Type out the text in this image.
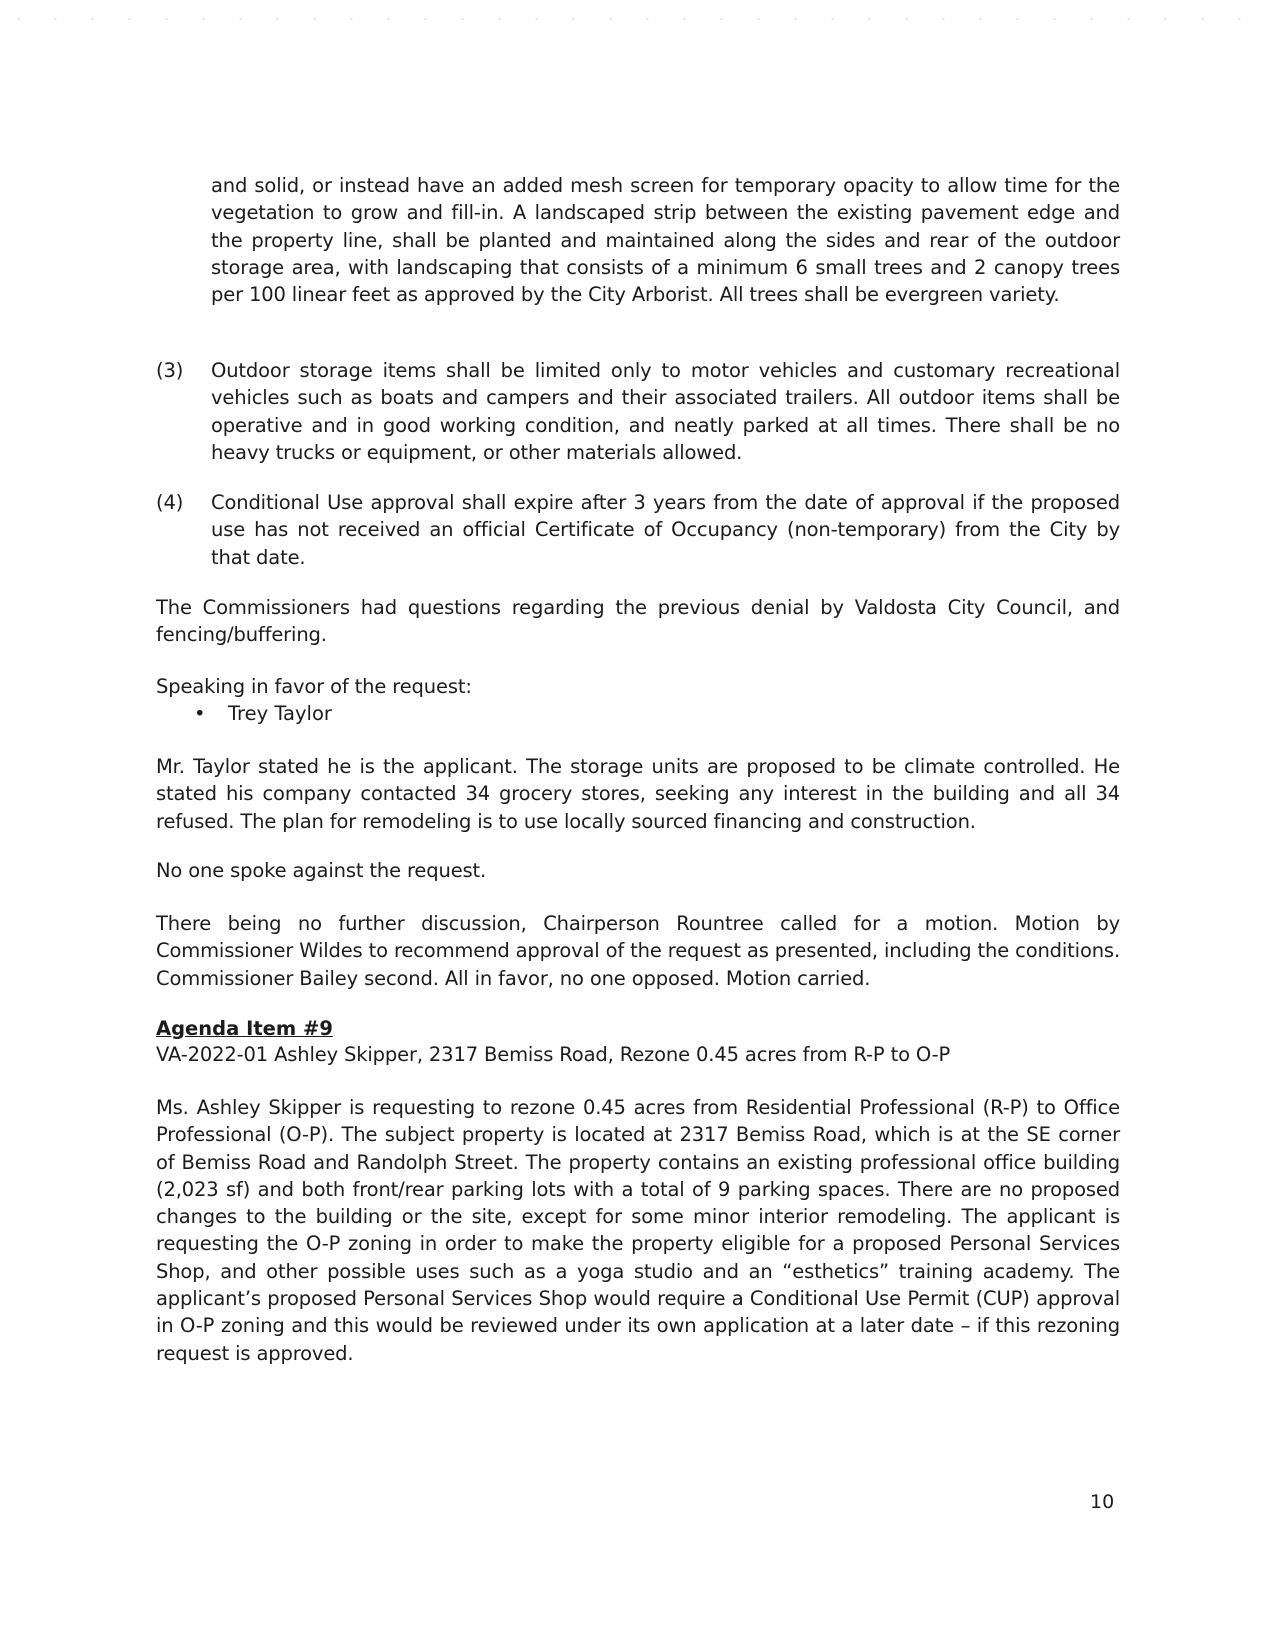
and solid, or instead have an added mesh screen for temporary opacity to allow time for the vegetation to grow and fill-in. A landscaped strip between the existing pavement edge and the property line, shall be planted and maintained along the sides and rear of the outdoor storage area, with landscaping that consists of a minimum 6 small trees and 2 canopy trees per 100 linear feet as approved by the City Arborist. All trees shall be evergreen variety.

(3)	Outdoor storage items shall be limited only to motor vehicles and customary recreational vehicles such as boats and campers and their associated trailers. All outdoor items shall be operative and in good working condition, and neatly parked at all times. There shall be no heavy trucks or equipment, or other materials allowed.

(4)	Conditional Use approval shall expire after 3 years from the date of approval if the proposed use has not received an official Certificate of Occupancy (non-temporary) from the City by that date.

The Commissioners had questions regarding the previous denial by Valdosta City Council, and fencing/buffering.

Speaking in favor of the request:

• Trey Taylor

Mr. Taylor stated he is the applicant. The storage units are proposed to be climate controlled. He stated his company contacted 34 grocery stores, seeking any interest in the building and all 34 refused. The plan for remodeling is to use locally sourced financing and construction.

No one spoke against the request.

There being no further discussion, Chairperson Rountree called for a motion. Motion by Commissioner Wildes to recommend approval of the request as presented, including the conditions. Commissioner Bailey second. All in favor, no one opposed. Motion carried.

Agenda Item #9

VA-2022-01 Ashley Skipper, 2317 Bemiss Road, Rezone 0.45 acres from R-P to O-P

Ms. Ashley Skipper is requesting to rezone 0.45 acres from Residential Professional (R-P) to Office Professional (O-P). The subject property is located at 2317 Bemiss Road, which is at the SE corner of Bemiss Road and Randolph Street. The property contains an existing professional office building (2,023 sf) and both front/rear parking lots with a total of 9 parking spaces. There are no proposed changes to the building or the site, except for some minor interior remodeling. The applicant is requesting the O-P zoning in order to make the property eligible for a proposed Personal Services Shop, and other possible uses such as a yoga studio and an “esthetics” training academy. The applicant’s proposed Personal Services Shop would require a Conditional Use Permit (CUP) approval in O-P zoning and this would be reviewed under its own application at a later date – if this rezoning request is approved.

10
